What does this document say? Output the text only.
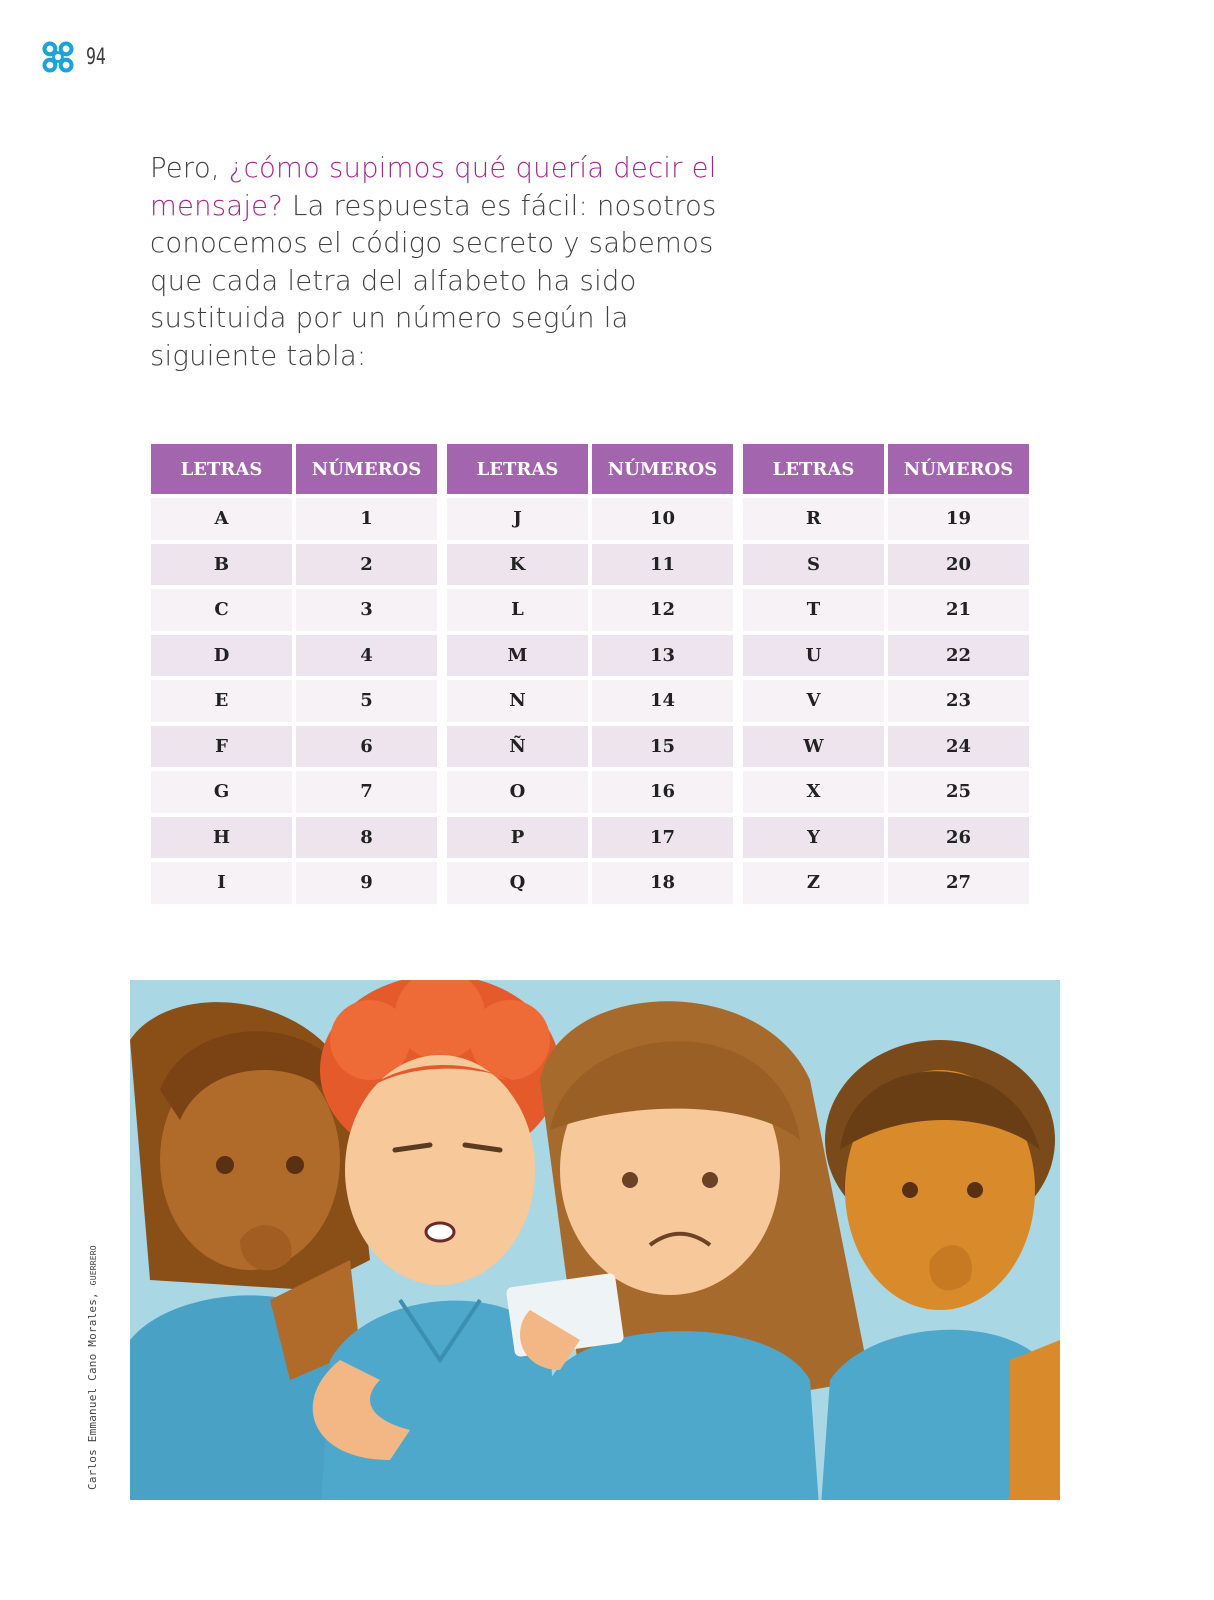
94

Pero, ¿cómo supimos qué quería decir el mensaje? La respuesta es fácil: nosotros conocemos el código secreto y sabemos que cada letra del alfabeto ha sido sustituida por un número según la siguiente tabla:

LETRAS	NÚMEROS
A	1
B	2
C	3
D	4
E	5
F	6
G	7
H	8
I	9
LETRAS	NÚMEROS
J	10
K	11
L	12
M	13
N	14
Ñ	15
O	16
P	17
Q	18
LETRAS	NÚMEROS
R	19
S	20
T	21
U	22
V	23
W	24
X	25
Y	26
Z	27
Carlos Emmanuel Cano Morales, GUERRERO
